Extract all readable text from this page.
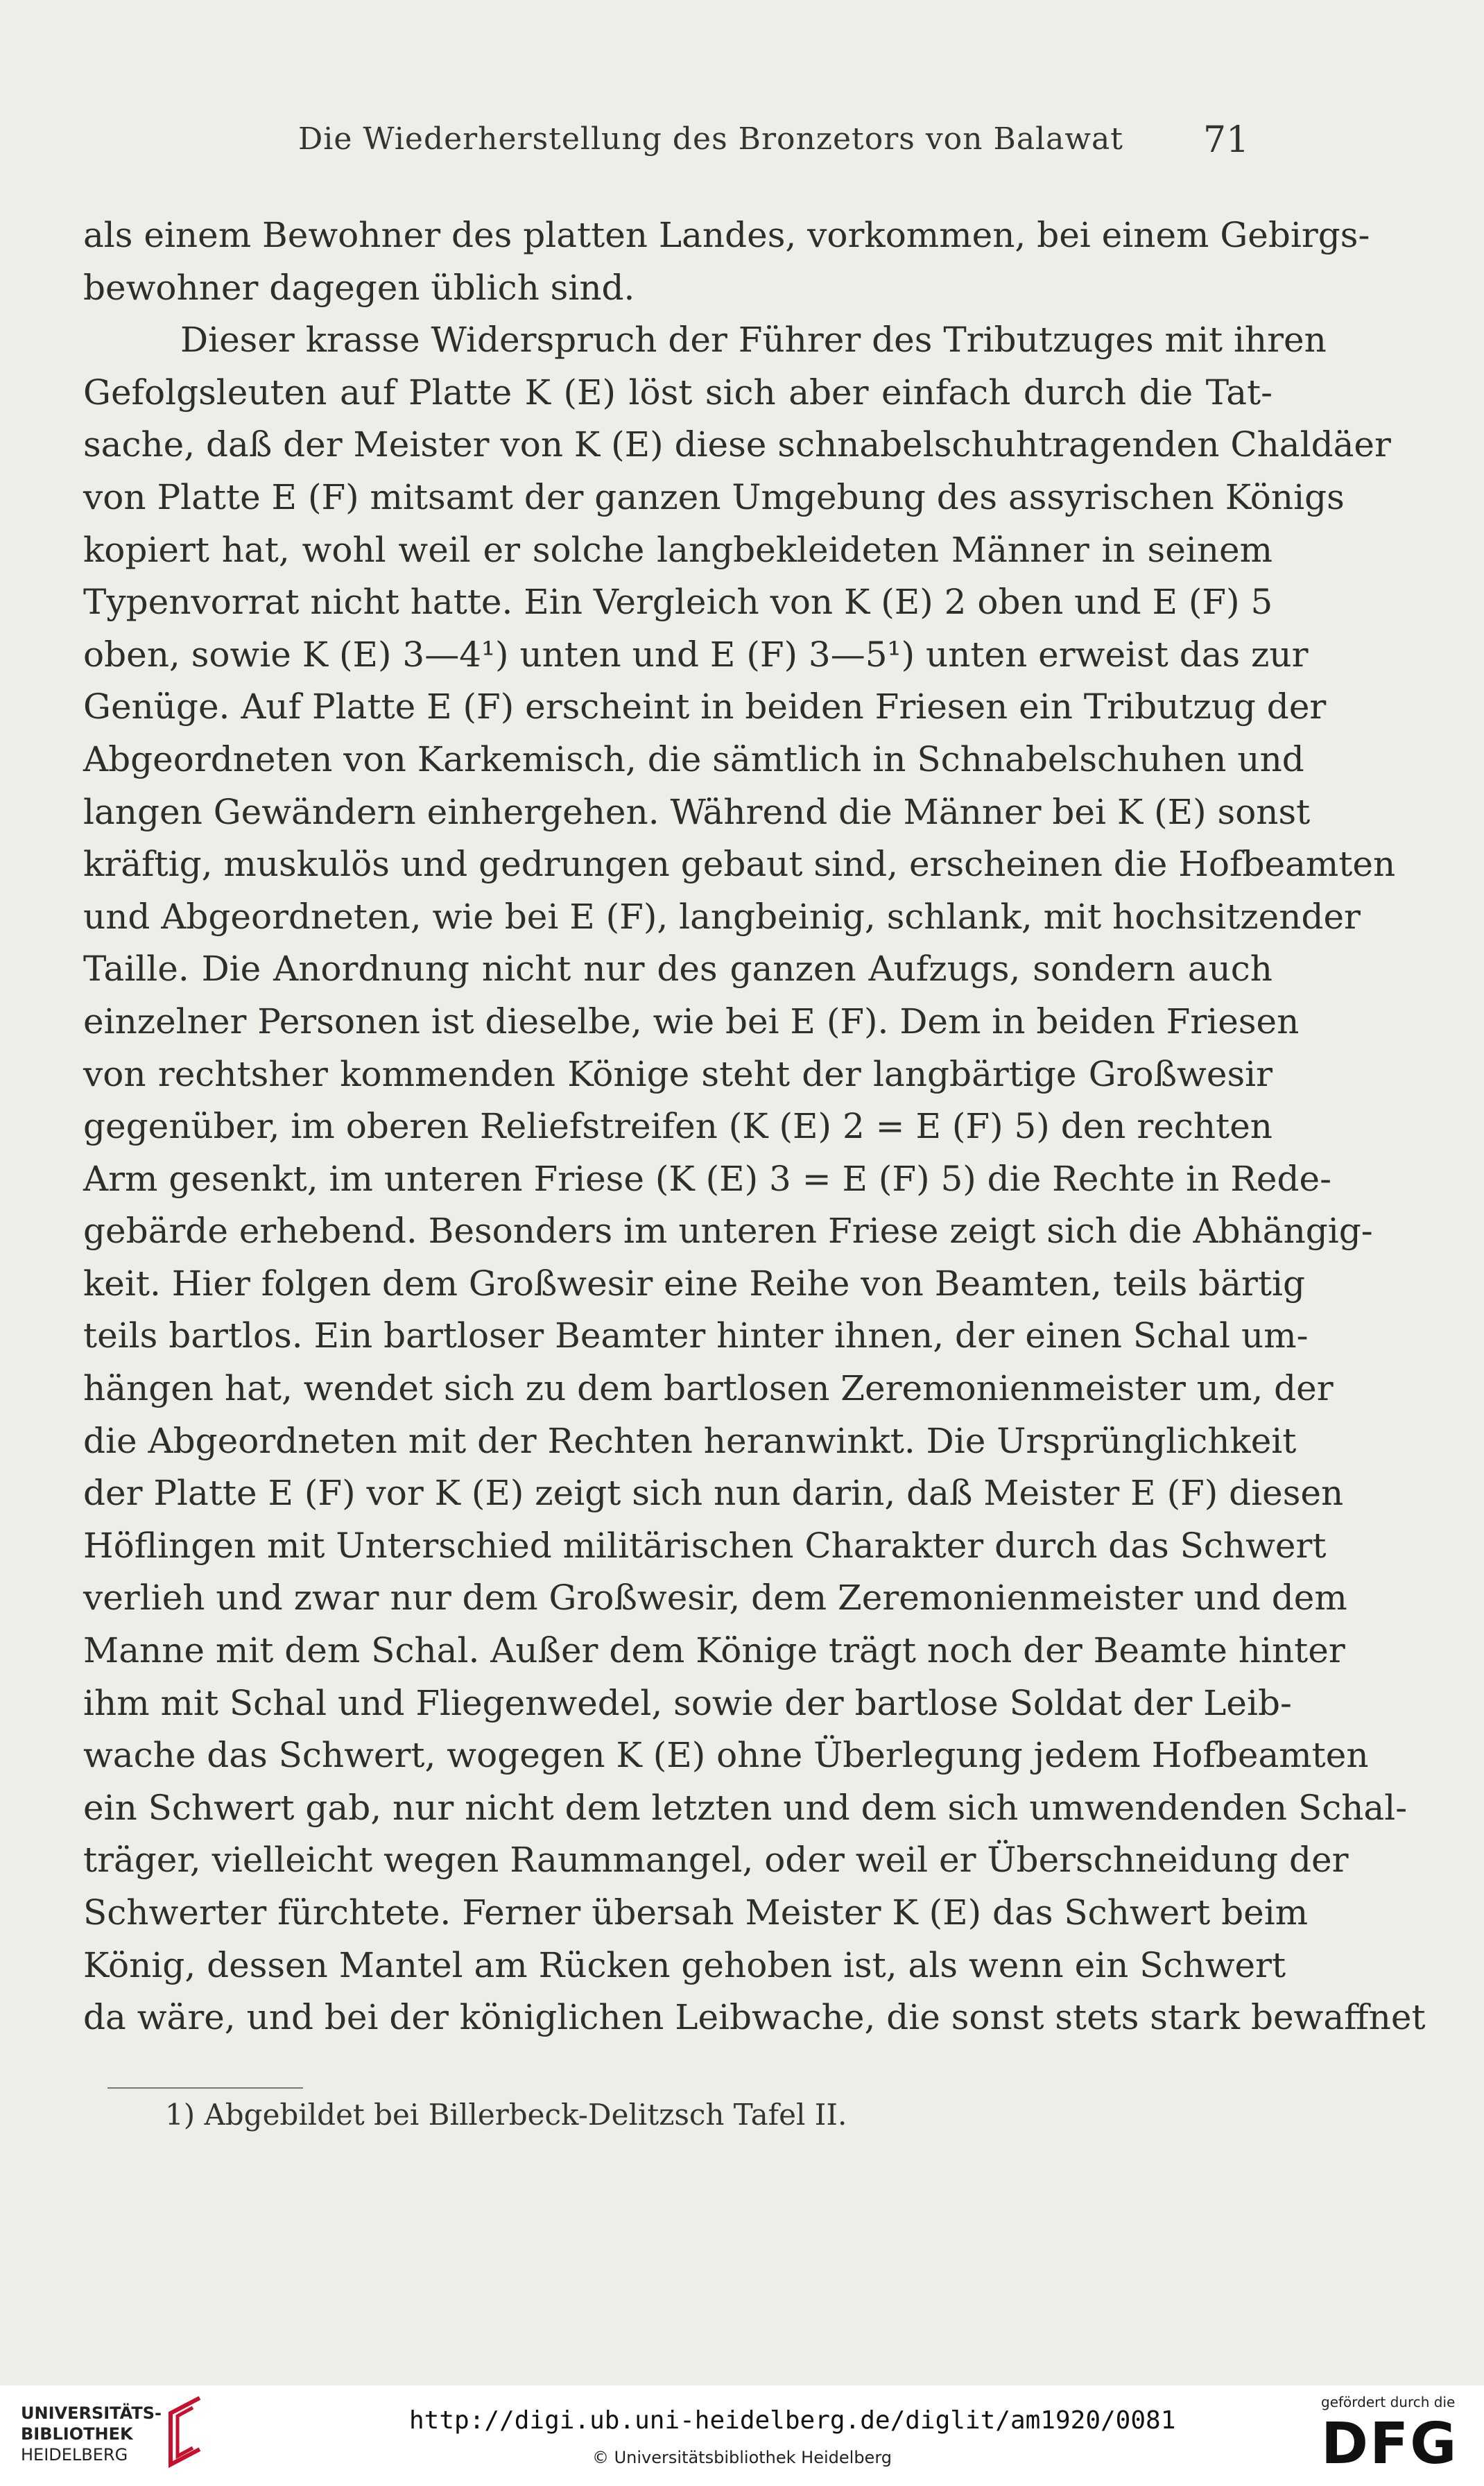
Die Wiederherstellung des Bronzetors von Balawat 71
als einem Bewohner des platten Landes, vorkommen, bei einem Gebirgs-
bewohner dagegen üblich sind.
Dieser krasse Widerspruch der Führer des Tributzuges mit ihren
Gefolgsleuten auf Platte K (E) löst sich aber einfach durch die Tat-
sache, daß der Meister von K (E) diese schnabelschuhtragenden Chaldäer
von Platte E (F) mitsamt der ganzen Umgebung des assyrischen Königs
kopiert hat, wohl weil er solche langbekleideten Männer in seinem
Typenvorrat nicht hatte. Ein Vergleich von K (E) 2 oben und E (F) 5
oben, sowie K (E) 3—4¹) unten und E (F) 3—5¹) unten erweist das zur
Genüge. Auf Platte E (F) erscheint in beiden Friesen ein Tributzug der
Abgeordneten von Karkemisch, die sämtlich in Schnabelschuhen und
langen Gewändern einhergehen. Während die Männer bei K (E) sonst
kräftig, muskulös und gedrungen gebaut sind, erscheinen die Hofbeamten
und Abgeordneten, wie bei E (F), langbeinig, schlank, mit hochsitzender
Taille. Die Anordnung nicht nur des ganzen Aufzugs, sondern auch
einzelner Personen ist dieselbe, wie bei E (F). Dem in beiden Friesen
von rechtsher kommenden Könige steht der langbärtige Großwesir
gegenüber, im oberen Reliefstreifen (K (E) 2 = E (F) 5) den rechten
Arm gesenkt, im unteren Friese (K (E) 3 = E (F) 5) die Rechte in Rede-
gebärde erhebend. Besonders im unteren Friese zeigt sich die Abhängig-
keit. Hier folgen dem Großwesir eine Reihe von Beamten, teils bärtig
teils bartlos. Ein bartloser Beamter hinter ihnen, der einen Schal um-
hängen hat, wendet sich zu dem bartlosen Zeremonienmeister um, der
die Abgeordneten mit der Rechten heranwinkt. Die Ursprünglichkeit
der Platte E (F) vor K (E) zeigt sich nun darin, daß Meister E (F) diesen
Höflingen mit Unterschied militärischen Charakter durch das Schwert
verlieh und zwar nur dem Großwesir, dem Zeremonienmeister und dem
Manne mit dem Schal. Außer dem Könige trägt noch der Beamte hinter
ihm mit Schal und Fliegenwedel, sowie der bartlose Soldat der Leib-
wache das Schwert, wogegen K (E) ohne Überlegung jedem Hofbeamten
ein Schwert gab, nur nicht dem letzten und dem sich umwendenden Schal-
träger, vielleicht wegen Raummangel, oder weil er Überschneidung der
Schwerter fürchtete. Ferner übersah Meister K (E) das Schwert beim
König, dessen Mantel am Rücken gehoben ist, als wenn ein Schwert
da wäre, und bei der königlichen Leibwache, die sonst stets stark bewaffnet
1) Abgebildet bei Billerbeck-Delitzsch Tafel II.
UNIVERSITÄTS-
BIBLIOTHEK
HEIDELBERG
http://digi.ub.uni-heidelberg.de/diglit/am1920/0081
© Universitätsbibliothek Heidelberg
gefördert durch die
DFG
